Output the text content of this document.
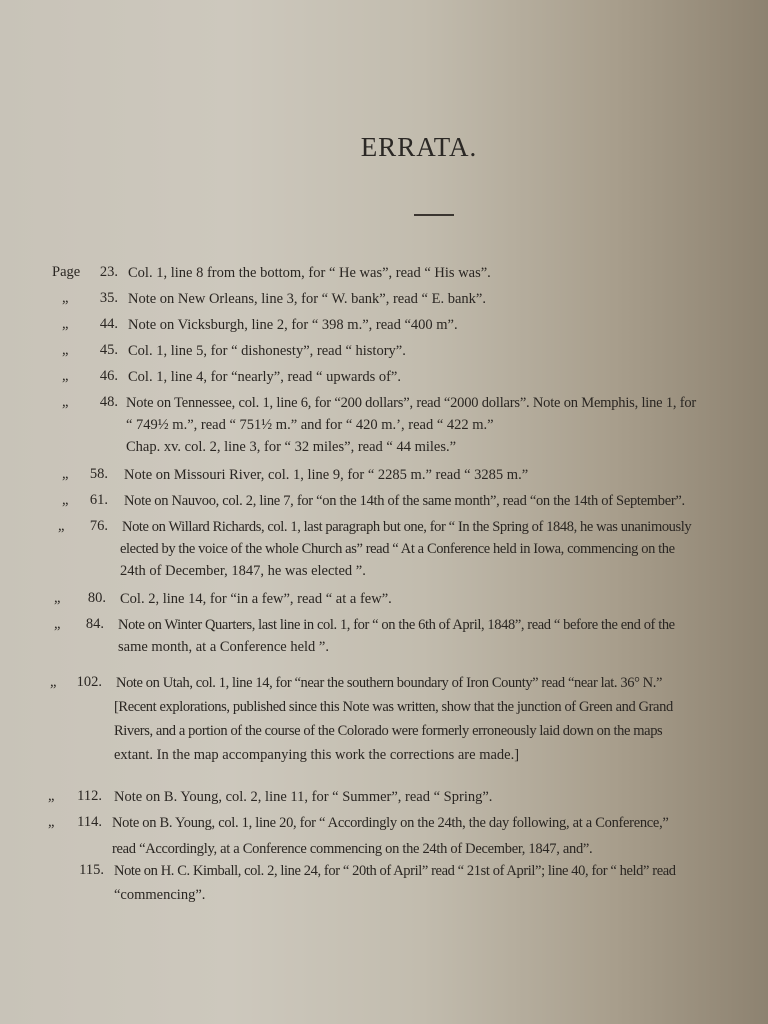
ERRATA.
Page	23. Col. 1, line 8 from the bottom, for “ He was”, read “ His was”.
„	35. Note on New Orleans, line 3, for “ W. bank”, read “ E. bank”.
„	44. Note on Vicksburgh, line 2, for “ 398 m.”, read “400 m”.
„	45. Col. 1, line 5, for “ dishonesty”, read “ history”.
„	46. Col. 1, line 4, for “nearly”, read “ upwards of”.
„	48. Note on Tennessee, col. 1, line 6, for “200 dollars”, read “2000 dollars”. Note on Memphis, line 1, for
“ 749½ m.”, read “ 751½ m.” and for “ 420 m.’, read “ 422 m.”
Chap. xv. col. 2, line 3, for “ 32 miles”, read “ 44 miles.”
„	58. Note on Missouri River, col. 1, line 9, for “ 2285 m.” read “ 3285 m.”
„	61. Note on Nauvoo, col. 2, line 7, for “on the 14th of the same month”, read “on the 14th of September”.
„	76. Note on Willard Richards, col. 1, last paragraph but one, for “ In the Spring of 1848, he was unanimously
elected by the voice of the whole Church as” read “ At a Conference held in Iowa, commencing on the
24th of December, 1847, he was elected ”.
„	80. Col. 2, line 14, for “in a few”, read “ at a few”.
„	84. Note on Winter Quarters, last line in col. 1, for “ on the 6th of April, 1848”, read “ before the end of the
same month, at a Conference held ”.
„	102. Note on Utah, col. 1, line 14, for “near the southern boundary of Iron County” read “near lat. 36° N.”
[Recent explorations, published since this Note was written, show that the junction of Green and Grand
Rivers, and a portion of the course of the Colorado were formerly erroneously laid down on the maps
extant. In the map accompanying this work the corrections are made.]
„	112. Note on B. Young, col. 2, line 11, for “ Summer”, read “ Spring”.
„	114. Note on B. Young, col. 1, line 20, for “ Accordingly on the 24th, the day following, at a Conference,”
read “Accordingly, at a Conference commencing on the 24th of December, 1847, and”.
115. Note on H. C. Kimball, col. 2, line 24, for “ 20th of April” read “ 21st of April”; line 40, for “ held” read
“commencing”.
